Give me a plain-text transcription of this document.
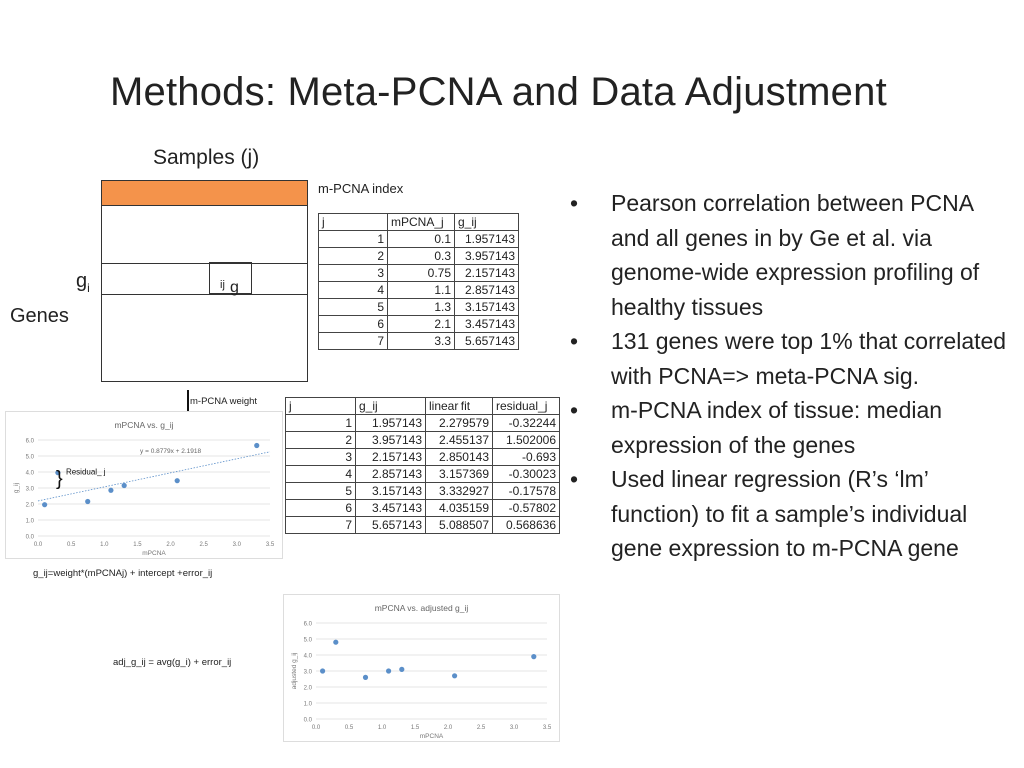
Methods: Meta-PCNA and Data Adjustment
Samples (j)
g
$_{ij}$
$g_i$
Genes
m-PCNA index
j	mPCNA_j	g_ij
1	0.1	1.957143
2	0.3	3.957143
3	0.75	2.157143
4	1.1	2.857143
5	1.3	3.157143
6	2.1	3.457143
7	3.3	5.657143
m-PCNA weight	j	g_ij	linear fit	residual_j
1	1.957143	2.279579	-0.32244
2	3.957143	2.455137	1.502006
3	2.157143	2.850143	-0.693
4	2.857143	3.157369	-0.30023
5	3.157143	3.332927	-0.17578
6	3.457143	4.035159	-0.57802
7	5.657143	5.088507	0.568636
mPCNA vs. g_ij
0.0
1.0
2.0
3.0
4.0
5.0
6.0
0.0	0.5	1.0	1.5	2.0	2.5	3.0	3.5
mPCNA
g_ij
y = 0.8779x + 2.1918
} Residual_ j
g_ij=weight*(mPCNAj) + intercept +error_ij
mPCNA vs. adjusted g_ij
0.0
1.0
2.0
3.0
4.0
5.0
6.0
0.0	0.5	1.0	1.5	2.0	2.5	3.0	3.5
mPCNA
adjusted g_ij
adj_g_ij = avg(g_i) + error_ij
• Pearson correlation between PCNA and all genes in by Ge et al. via genome-wide expression profiling of healthy tissues
• 131 genes were top 1% that correlated with PCNA=> meta-PCNA sig.
• m-PCNA index of tissue: median expression of the genes
• Used linear regression (R’s ‘lm’ function) to fit a sample’s individual gene expression to m-PCNA gene
